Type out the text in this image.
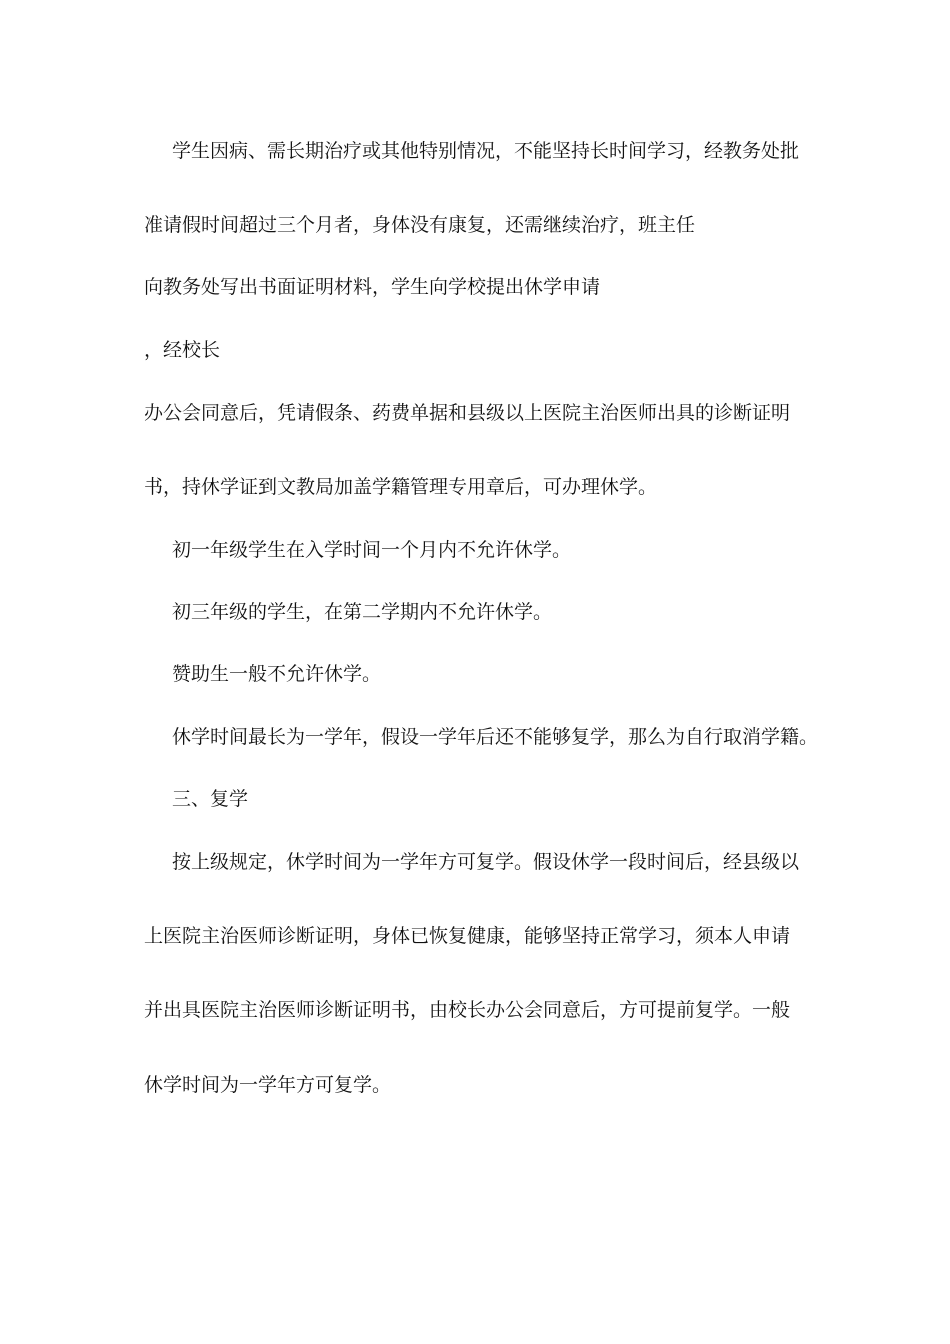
学生因病、需长期治疗或其他特别情况，不能坚持长时间学习，经教务处批
准请假时间超过三个月者，身体没有康复，还需继续治疗，班主任
向教务处写出书面证明材料，学生向学校提出休学申请
，经校长
办公会同意后，凭请假条、药费单据和县级以上医院主治医师出具的诊断证明
书，持休学证到文教局加盖学籍管理专用章后，可办理休学。
初一年级学生在入学时间一个月内不允许休学。
初三年级的学生，在第二学期内不允许休学。
赞助生一般不允许休学。
休学时间最长为一学年，假设一学年后还不能够复学，那么为自行取消学籍。
三、复学
按上级规定，休学时间为一学年方可复学。假设休学一段时间后，经县级以
上医院主治医师诊断证明，身体已恢复健康，能够坚持正常学习，须本人申请
并出具医院主治医师诊断证明书，由校长办公会同意后，方可提前复学。一般
休学时间为一学年方可复学。
